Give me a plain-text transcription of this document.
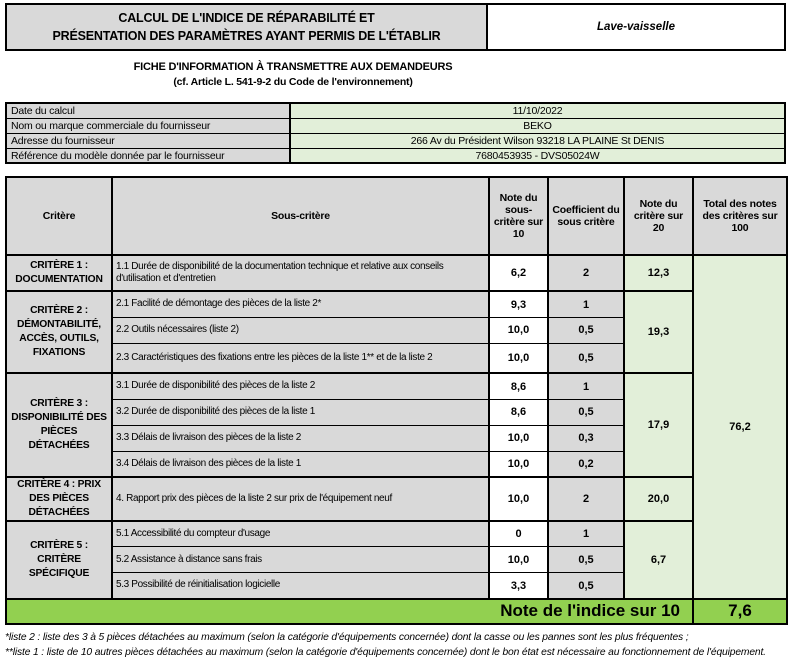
CALCUL DE L'INDICE DE RÉPARABILITÉ ET
PRÉSENTATION DES PARAMÈTRES AYANT PERMIS DE L'ÉTABLIR
Lave-vaisselle
FICHE D'INFORMATION À TRANSMETTRE AUX DEMANDEURS
(cf. Article L. 541-9-2 du Code de l'environnement)
Date du calcul	11/10/2022
Nom ou marque commerciale du fournisseur	BEKO
Adresse du fournisseur	266 Av du Président Wilson 93218 LA PLAINE St DENIS
Référence du modèle donnée par le fournisseur	7680453935 - DVS05024W
Critère	Sous-critère	Note du sous-critère sur 10	Coefficient du sous critère	Note du critère sur 20	Total des notes des critères sur 100
CRITÈRE 1 : DOCUMENTATION	1.1 Durée de disponibilité de la documentation technique et relative aux conseils d'utilisation et d'entretien	6,2	2	12,3	76,2
CRITÈRE 2 : DÉMONTABILITÉ, ACCÈS, OUTILS, FIXATIONS	2.1 Facilité de démontage des pièces de la liste 2*	9,3	1	19,3	
	2.2 Outils nécessaires (liste 2)	10,0	0,5		
	2.3 Caractéristiques des fixations entre les pièces de la liste 1** et de la liste 2	10,0	0,5		
CRITÈRE 3 : DISPONIBILITÉ DES PIÈCES DÉTACHÉES	3.1 Durée de disponibilité des pièces de la liste 2	8,6	1	17,9	
	3.2 Durée de disponibilité des pièces de la liste 1	8,6	0,5		
	3.3 Délais de livraison des pièces de la liste 2	10,0	0,3		
	3.4 Délais de livraison des pièces de la liste 1	10,0	0,2		
CRITÈRE 4 : PRIX DES PIÈCES DÉTACHÉES	4. Rapport prix des pièces de la liste 2 sur prix de l'équipement neuf	10,0	2	20,0	
CRITÈRE 5 : CRITÈRE SPÉCIFIQUE	5.1 Accessibilité du compteur d'usage	0	1	6,7	
	5.2 Assistance à distance sans frais	10,0	0,5		
	5.3 Possibilité de réinitialisation logicielle	3,3	0,5		
Note de l'indice sur 10					7,6
*liste 2 : liste des 3 à 5 pièces détachées au maximum (selon la catégorie d'équipements concernée) dont la casse ou les pannes sont les plus fréquentes ;
**liste 1 : liste de 10 autres pièces détachées au maximum (selon la catégorie d'équipements concernée) dont le bon état est nécessaire au fonctionnement de l'équipement.
